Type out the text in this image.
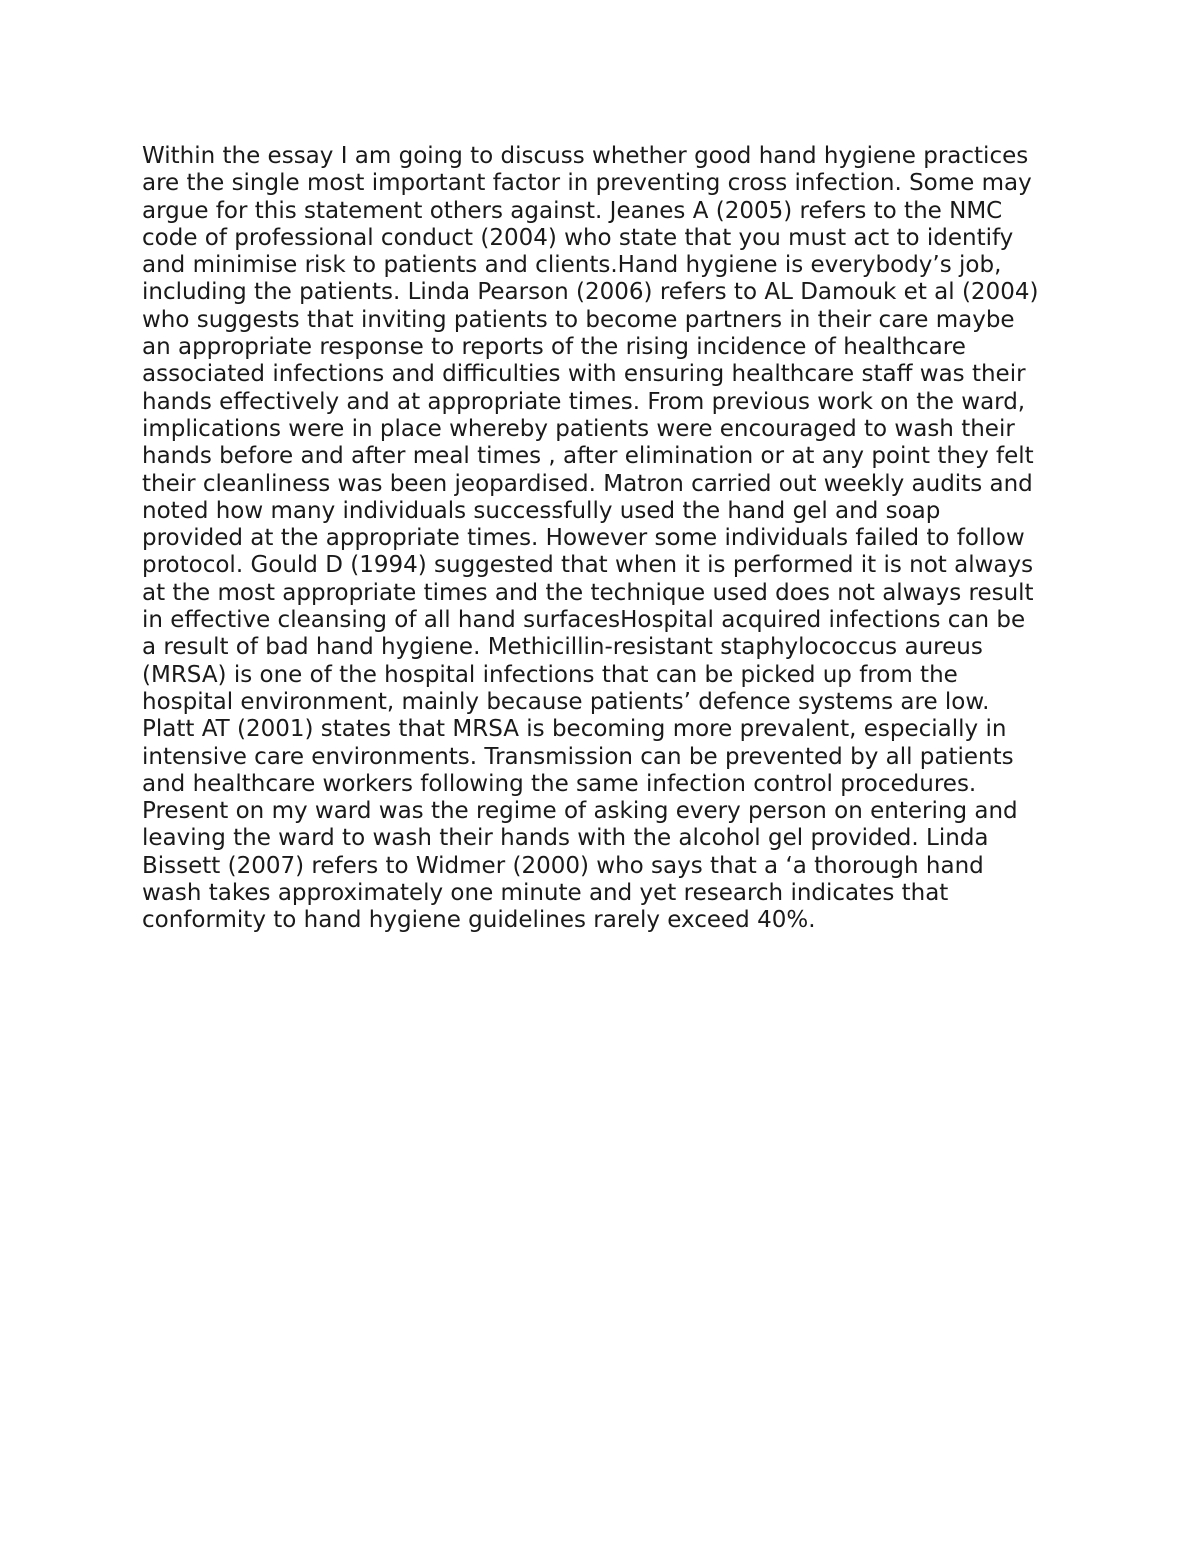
Within the essay I am going to discuss whether good hand hygiene practices
are the single most important factor in preventing cross infection. Some may
argue for this statement others against. Jeanes A (2005) refers to the NMC
code of professional conduct (2004) who state that you must act to identify
and minimise risk to patients and clients.Hand hygiene is everybody’s job,
including the patients. Linda Pearson (2006) refers to AL Damouk et al (2004)
who suggests that inviting patients to become partners in their care maybe
an appropriate response to reports of the rising incidence of healthcare
associated infections and difficulties with ensuring healthcare staff was their
hands effectively and at appropriate times. From previous work on the ward,
implications were in place whereby patients were encouraged to wash their
hands before and after meal times , after elimination or at any point they felt
their cleanliness was been jeopardised. Matron carried out weekly audits and
noted how many individuals successfully used the hand gel and soap
provided at the appropriate times. However some individuals failed to follow
protocol. Gould D (1994) suggested that when it is performed it is not always
at the most appropriate times and the technique used does not always result
in effective cleansing of all hand surfacesHospital acquired infections can be
a result of bad hand hygiene. Methicillin-resistant staphylococcus aureus
(MRSA) is one of the hospital infections that can be picked up from the
hospital environment, mainly because patients’ defence systems are low.
Platt AT (2001) states that MRSA is becoming more prevalent, especially in
intensive care environments. Transmission can be prevented by all patients
and healthcare workers following the same infection control procedures.
Present on my ward was the regime of asking every person on entering and
leaving the ward to wash their hands with the alcohol gel provided. Linda
Bissett (2007) refers to Widmer (2000) who says that a ‘a thorough hand
wash takes approximately one minute and yet research indicates that
conformity to hand hygiene guidelines rarely exceed 40%.
